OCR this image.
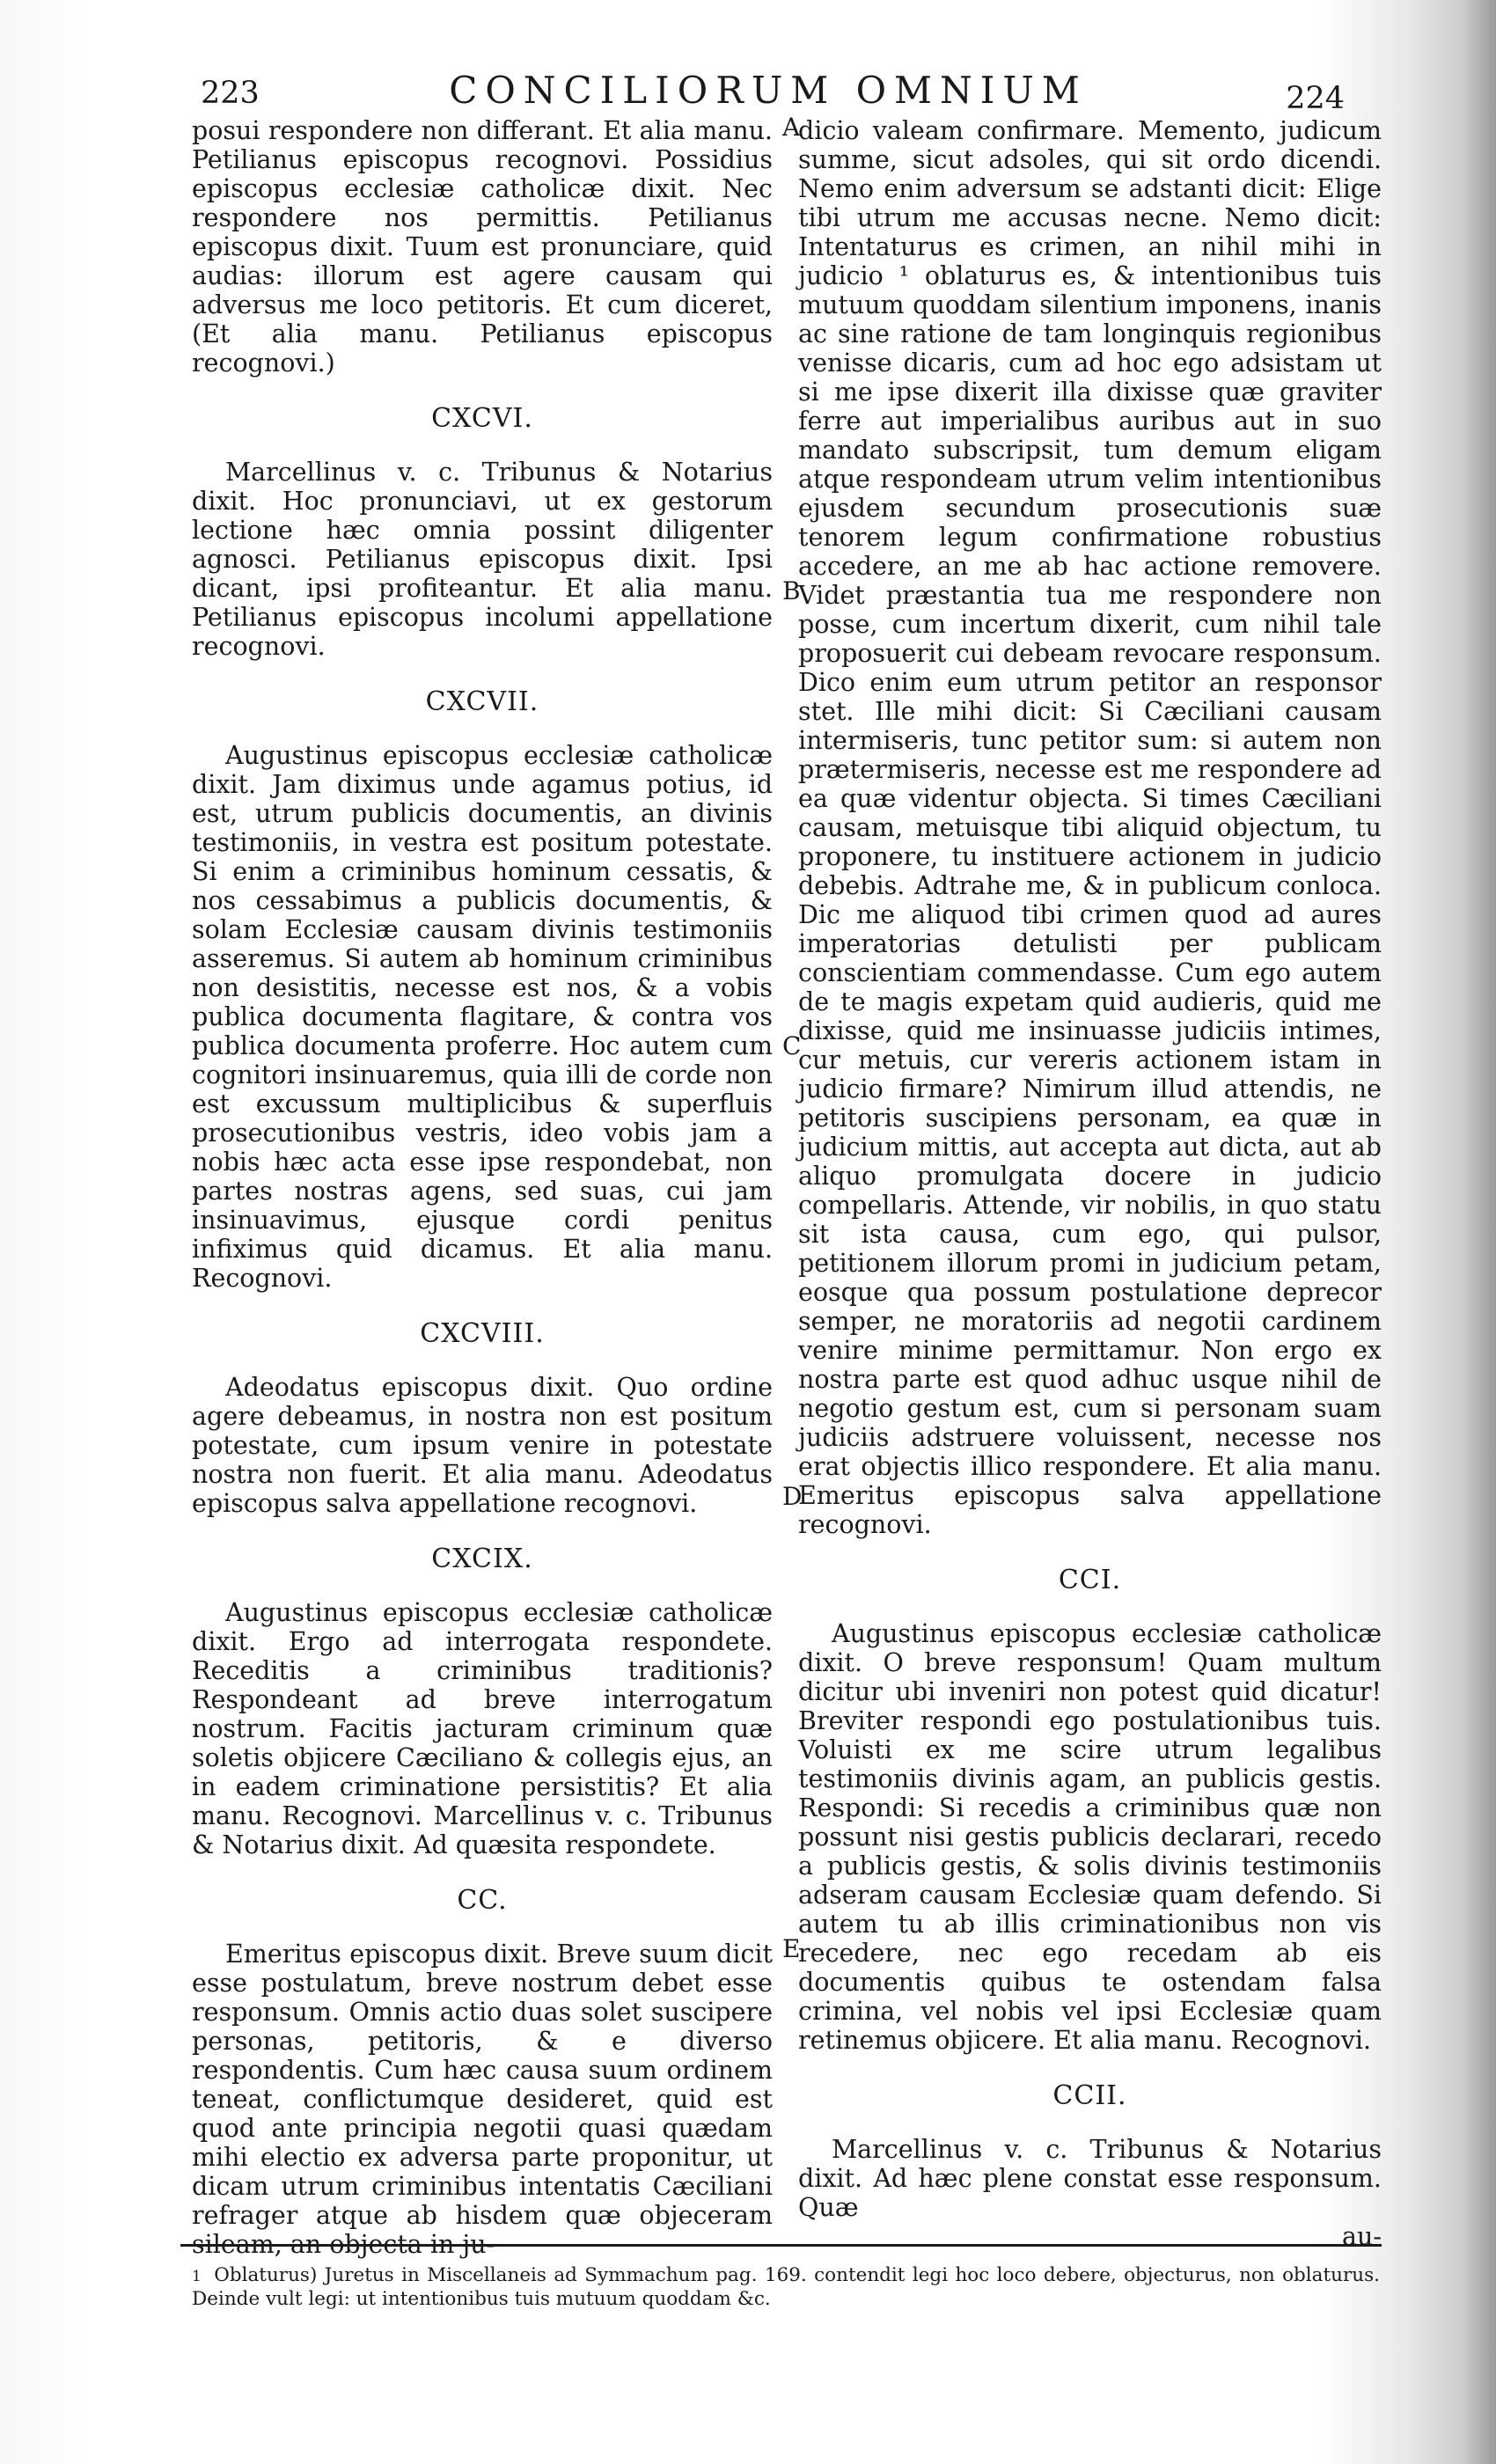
223	CONCILIORUM OMNIUM	224

posui respondere non differant. Et alia manu. Petilianus episcopus recognovi. Possidius episcopus ecclesiæ catholicæ dixit. Nec respondere nos permittis. Petilianus episcopus dixit. Tuum est pronunciare, quid audias: illorum est agere causam qui adversus me loco petitoris. Et cum diceret, (Et alia manu. Petilianus episcopus recognovi.)

CXCVI.

Marcellinus v. c. Tribunus & Notarius dixit. Hoc pronunciavi, ut ex gestorum lectione hæc omnia possint diligenter agnosci. Petilianus episcopus dixit. Ipsi dicant, ipsi profiteantur. Et alia manu. Petilianus episcopus incolumi appellatione recognovi.

CXCVII.

Augustinus episcopus ecclesiæ catholicæ dixit. Jam diximus unde agamus potius, id est, utrum publicis documentis, an divinis testimoniis, in vestra est positum potestate. Si enim a criminibus hominum cessatis, & nos cessabimus a publicis documentis, & solam Ecclesiæ causam divinis testimoniis asseremus. Si autem ab hominum criminibus non desistitis, necesse est nos, & a vobis publica documenta flagitare, & contra vos publica documenta proferre. Hoc autem cum cognitori insinuaremus, quia illi de corde non est excussum multiplicibus & superfluis prosecutionibus vestris, ideo vobis jam a nobis hæc acta esse ipse respondebat, non partes nostras agens, sed suas, cui jam insinuavimus, ejusque cordi penitus infiximus quid dicamus. Et alia manu. Recognovi.

CXCVIII.

Adeodatus episcopus dixit. Quo ordine agere debeamus, in nostra non est positum potestate, cum ipsum venire in potestate nostra non fuerit. Et alia manu. Adeodatus episcopus salva appellatione recognovi.

CXCIX.

Augustinus episcopus ecclesiæ catholicæ dixit. Ergo ad interrogata respondete. Receditis a criminibus traditionis? Respondeant ad breve interrogatum nostrum. Facitis jacturam criminum quæ soletis objicere Cæciliano & collegis ejus, an in eadem criminatione persistitis? Et alia manu. Recognovi. Marcellinus v. c. Tribunus & Notarius dixit. Ad quæsita respondete.

CC.

Emeritus episcopus dixit. Breve suum dicit esse postulatum, breve nostrum debet esse responsum. Omnis actio duas solet suscipere personas, petitoris, & e diverso respondentis. Cum hæc causa suum ordinem teneat, conflictumque desideret, quid est quod ante principia negotii quasi quædam mihi electio ex adversa parte proponitur, ut dicam utrum criminibus intentatis Cæciliani refrager atque ab hisdem quæ objeceram sileam, an objecta in ju-

dicio valeam confirmare. Memento, judicum summe, sicut adsoles, qui sit ordo dicendi. Nemo enim adversum se adstanti dicit: Elige tibi utrum me accusas necne. Nemo dicit: Intentaturus es crimen, an nihil mihi in judicio ¹ oblaturus es, & intentionibus tuis mutuum quoddam silentium imponens, inanis ac sine ratione de tam longinquis regionibus venisse dicaris, cum ad hoc ego adsistam ut si me ipse dixerit illa dixisse quæ graviter ferre aut imperialibus auribus aut in suo mandato subscripsit, tum demum eligam atque respondeam utrum velim intentionibus ejusdem secundum prosecutionis suæ tenorem legum confirmatione robustius accedere, an me ab hac actione removere. Videt præstantia tua me respondere non posse, cum incertum dixerit, cum nihil tale proposuerit cui debeam revocare responsum. Dico enim eum utrum petitor an responsor stet. Ille mihi dicit: Si Cæciliani causam intermiseris, tunc petitor sum: si autem non prætermiseris, necesse est me respondere ad ea quæ videntur objecta. Si times Cæciliani causam, metuisque tibi aliquid objectum, tu proponere, tu instituere actionem in judicio debebis. Adtrahe me, & in publicum conloca. Dic me aliquod tibi crimen quod ad aures imperatorias detulisti per publicam conscientiam commendasse. Cum ego autem de te magis expetam quid audieris, quid me dixisse, quid me insinuasse judiciis intimes, cur metuis, cur vereris actionem istam in judicio firmare? Nimirum illud attendis, ne petitoris suscipiens personam, ea quæ in judicium mittis, aut accepta aut dicta, aut ab aliquo promulgata docere in judicio compellaris. Attende, vir nobilis, in quo statu sit ista causa, cum ego, qui pulsor, petitionem illorum promi in judicium petam, eosque qua possum postulatione deprecor semper, ne moratoriis ad negotii cardinem venire minime permittamur. Non ergo ex nostra parte est quod adhuc usque nihil de negotio gestum est, cum si personam suam judiciis adstruere voluissent, necesse nos erat objectis illico respondere. Et alia manu. Emeritus episcopus salva appellatione recognovi.

CCI.

Augustinus episcopus ecclesiæ catholicæ dixit. O breve responsum! Quam multum dicitur ubi inveniri non potest quid dicatur! Breviter respondi ego postulationibus tuis. Voluisti ex me scire utrum legalibus testimoniis divinis agam, an publicis gestis. Respondi: Si recedis a criminibus quæ non possunt nisi gestis publicis declarari, recedo a publicis gestis, & solis divinis testimoniis adseram causam Ecclesiæ quam defendo. Si autem tu ab illis criminationibus non vis recedere, nec ego recedam ab eis documentis quibus te ostendam falsa crimina, vel nobis vel ipsi Ecclesiæ quam retinemus objicere. Et alia manu. Recognovi.

CCII.

Marcellinus v. c. Tribunus & Notarius dixit. Ad hæc plene constat esse responsum. Quæ

au-

A
B
C
D
E
1 Oblaturus) Juretus in Miscellaneis ad Symmachum pag. 169. contendit legi hoc loco debere, objecturus, non oblaturus. Deinde vult legi: ut intentionibus tuis mutuum quoddam &c.
